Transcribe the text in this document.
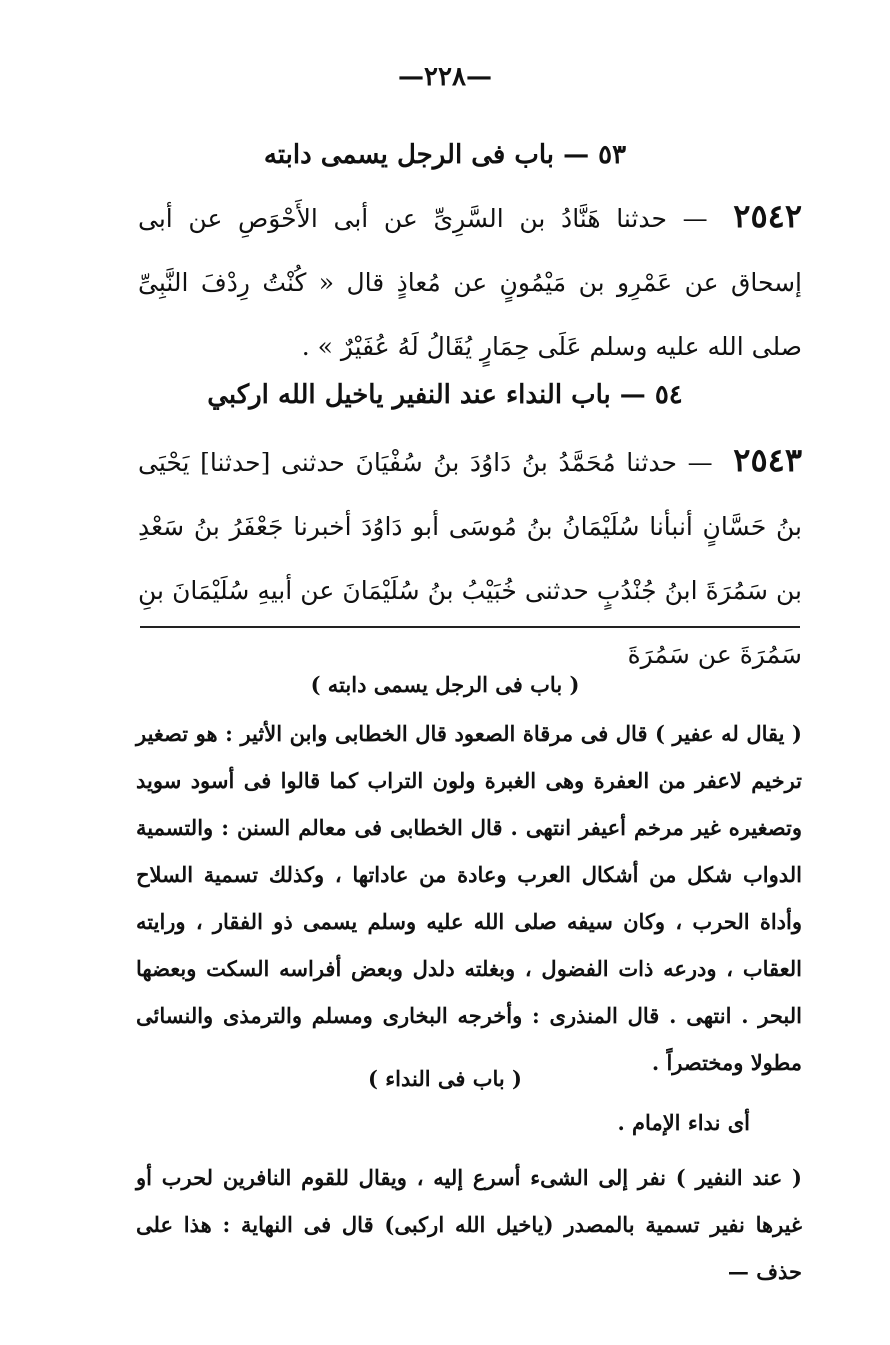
—٢٢٨—
٥٣ — باب فى الرجل يسمى دابته
٢٥٤٢ — حدثنا هَنَّادُ بن السَّرِىِّ عن أبى الأَحْوَصِ عن أبى إسحاق عن عَمْرِو بن مَيْمُونٍ عن مُعاذٍ قال « كُنْتُ رِدْفَ النَّبِىِّ صلى الله عليه وسلم عَلَى حِمَارٍ يُقَالُ لَهُ عُفَيْرٌ » .
٥٤ — باب النداء عند النفير ياخيل الله اركبي
٢٥٤٣ — حدثنا مُحَمَّدُ بنُ دَاوُدَ بنُ سُفْيَانَ حدثنى [حدثنا] يَحْيَى بنُ حَسَّانٍ أنبأنا سُلَيْمَانُ بنُ مُوسَى أبو دَاوُدَ أخبرنا جَعْفَرُ بنُ سَعْدِ بن سَمُرَةَ ابنُ جُنْدُبٍ حدثنى خُبَيْبُ بنُ سُلَيْمَانَ عن أبيهِ سُلَيْمَانَ بنِ سَمُرَةَ عن سَمُرَةَ
( باب فى الرجل يسمى دابته )
( يقال له عفير ) قال فى مرقاة الصعود قال الخطابى وابن الأثير : هو تصغير ترخيم لاعفر من العفرة وهى الغبرة ولون التراب كما قالوا فى أسود سويد وتصغيره غير مرخم أعيفر انتهى . قال الخطابى فى معالم السنن : والتسمية الدواب شكل من أشكال العرب وعادة من عاداتها ، وكذلك تسمية السلاح وأداة الحرب ، وكان سيفه صلى الله عليه وسلم يسمى ذو الفقار ، ورايته العقاب ، ودرعه ذات الفضول ، وبغلته دلدل وبعض أفراسه السكت وبعضها البحر . انتهى . قال المنذرى : وأخرجه البخارى ومسلم والترمذى والنسائى مطولا ومختصراً .
( باب فى النداء )
أى نداء الإمام .
( عند النفير ) نفر إلى الشىء أسرع إليه ، ويقال للقوم النافرين لحرب أو غيرها نفير تسمية بالمصدر (ياخيل الله اركبى) قال فى النهاية : هذا على حذف —
